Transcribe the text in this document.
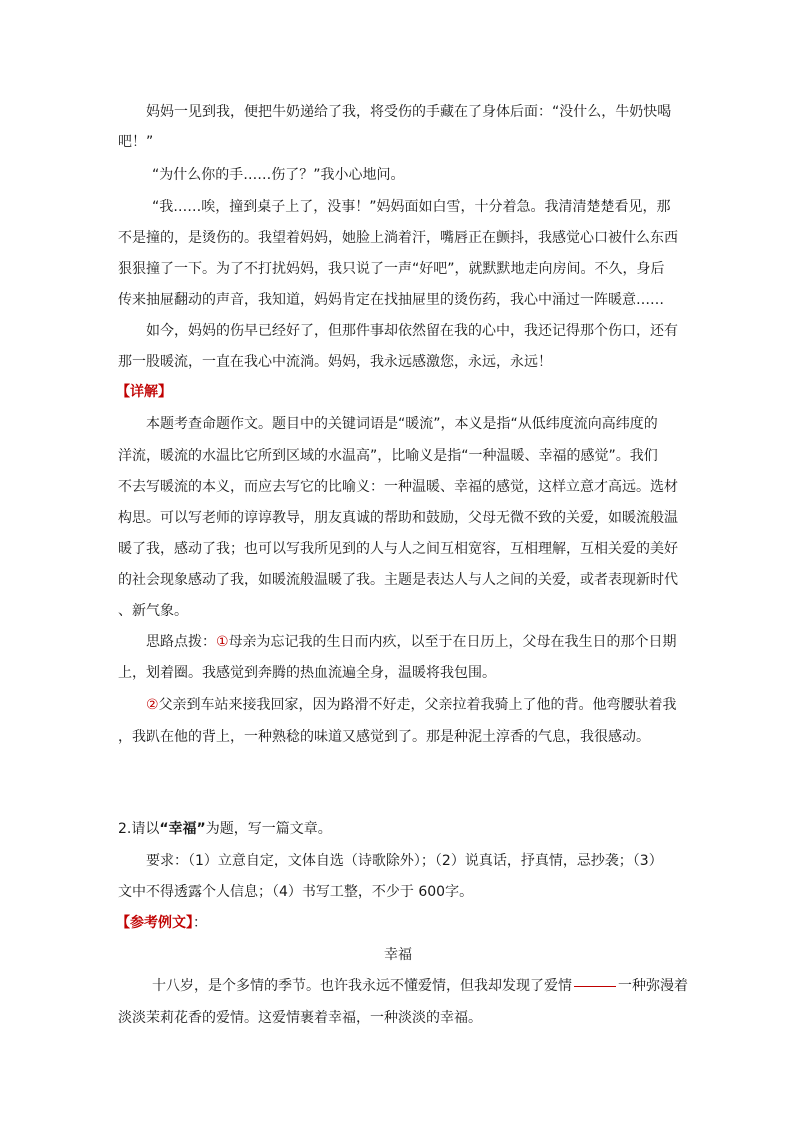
妈妈一见到我，便把牛奶递给了我，将受伤的手藏在了身体后面：“没什么，牛奶快喝
吧！”
“为什么你的手……伤了？”我小心地问。
“我……唉，撞到桌子上了，没事！”妈妈面如白雪，十分着急。我清清楚楚看见，那
不是撞的，是烫伤的。我望着妈妈，她脸上淌着汗，嘴唇正在颤抖，我感觉心口被什么东西
狠狠撞了一下。为了不打扰妈妈，我只说了一声“好吧”，就默默地走向房间。不久，身后
传来抽屉翻动的声音，我知道，妈妈肯定在找抽屉里的烫伤药，我心中涌过一阵暖意……
如今，妈妈的伤早已经好了，但那件事却依然留在我的心中，我还记得那个伤口，还有
那一股暖流，一直在我心中流淌。妈妈，我永远感激您，永远，永远！
【详解】
本题考查命题作文。题目中的关键词语是“暖流”，本义是指“从低纬度流向高纬度的
洋流，暖流的水温比它所到区域的水温高”，比喻义是指“一种温暖、幸福的感觉”。我们
不去写暖流的本义，而应去写它的比喻义：一种温暖、幸福的感觉，这样立意才高远。选材
构思。可以写老师的谆谆教导，朋友真诚的帮助和鼓励，父母无微不致的关爱，如暖流般温
暖了我，感动了我；也可以写我所见到的人与人之间互相宽容，互相理解，互相关爱的美好
的社会现象感动了我，如暖流般温暖了我。主题是表达人与人之间的关爱，或者表现新时代
、新气象。
思路点拨：①母亲为忘记我的生日而内疚，以至于在日历上，父母在我生日的那个日期
上，划着圈。我感觉到奔腾的热血流遍全身，温暖将我包围。
②父亲到车站来接我回家，因为路滑不好走，父亲拉着我骑上了他的背。他弯腰驮着我
，我趴在他的背上，一种熟稔的味道又感觉到了。那是种泥土淳香的气息，我很感动。
2.请以“幸福”为题，写一篇文章。
要求：（1）立意自定，文体自选（诗歌除外）；（2）说真话，抒真情，忌抄袭；（3）
文中不得透露个人信息；（4）书写工整，不少于 600字。
【参考例文】：
幸福
十八岁，是个多情的季节。也许我永远不懂爱情，但我却发现了爱情	一种弥漫着
淡淡茉莉花香的爱情。这爱情裹着幸福，一种淡淡的幸福。
